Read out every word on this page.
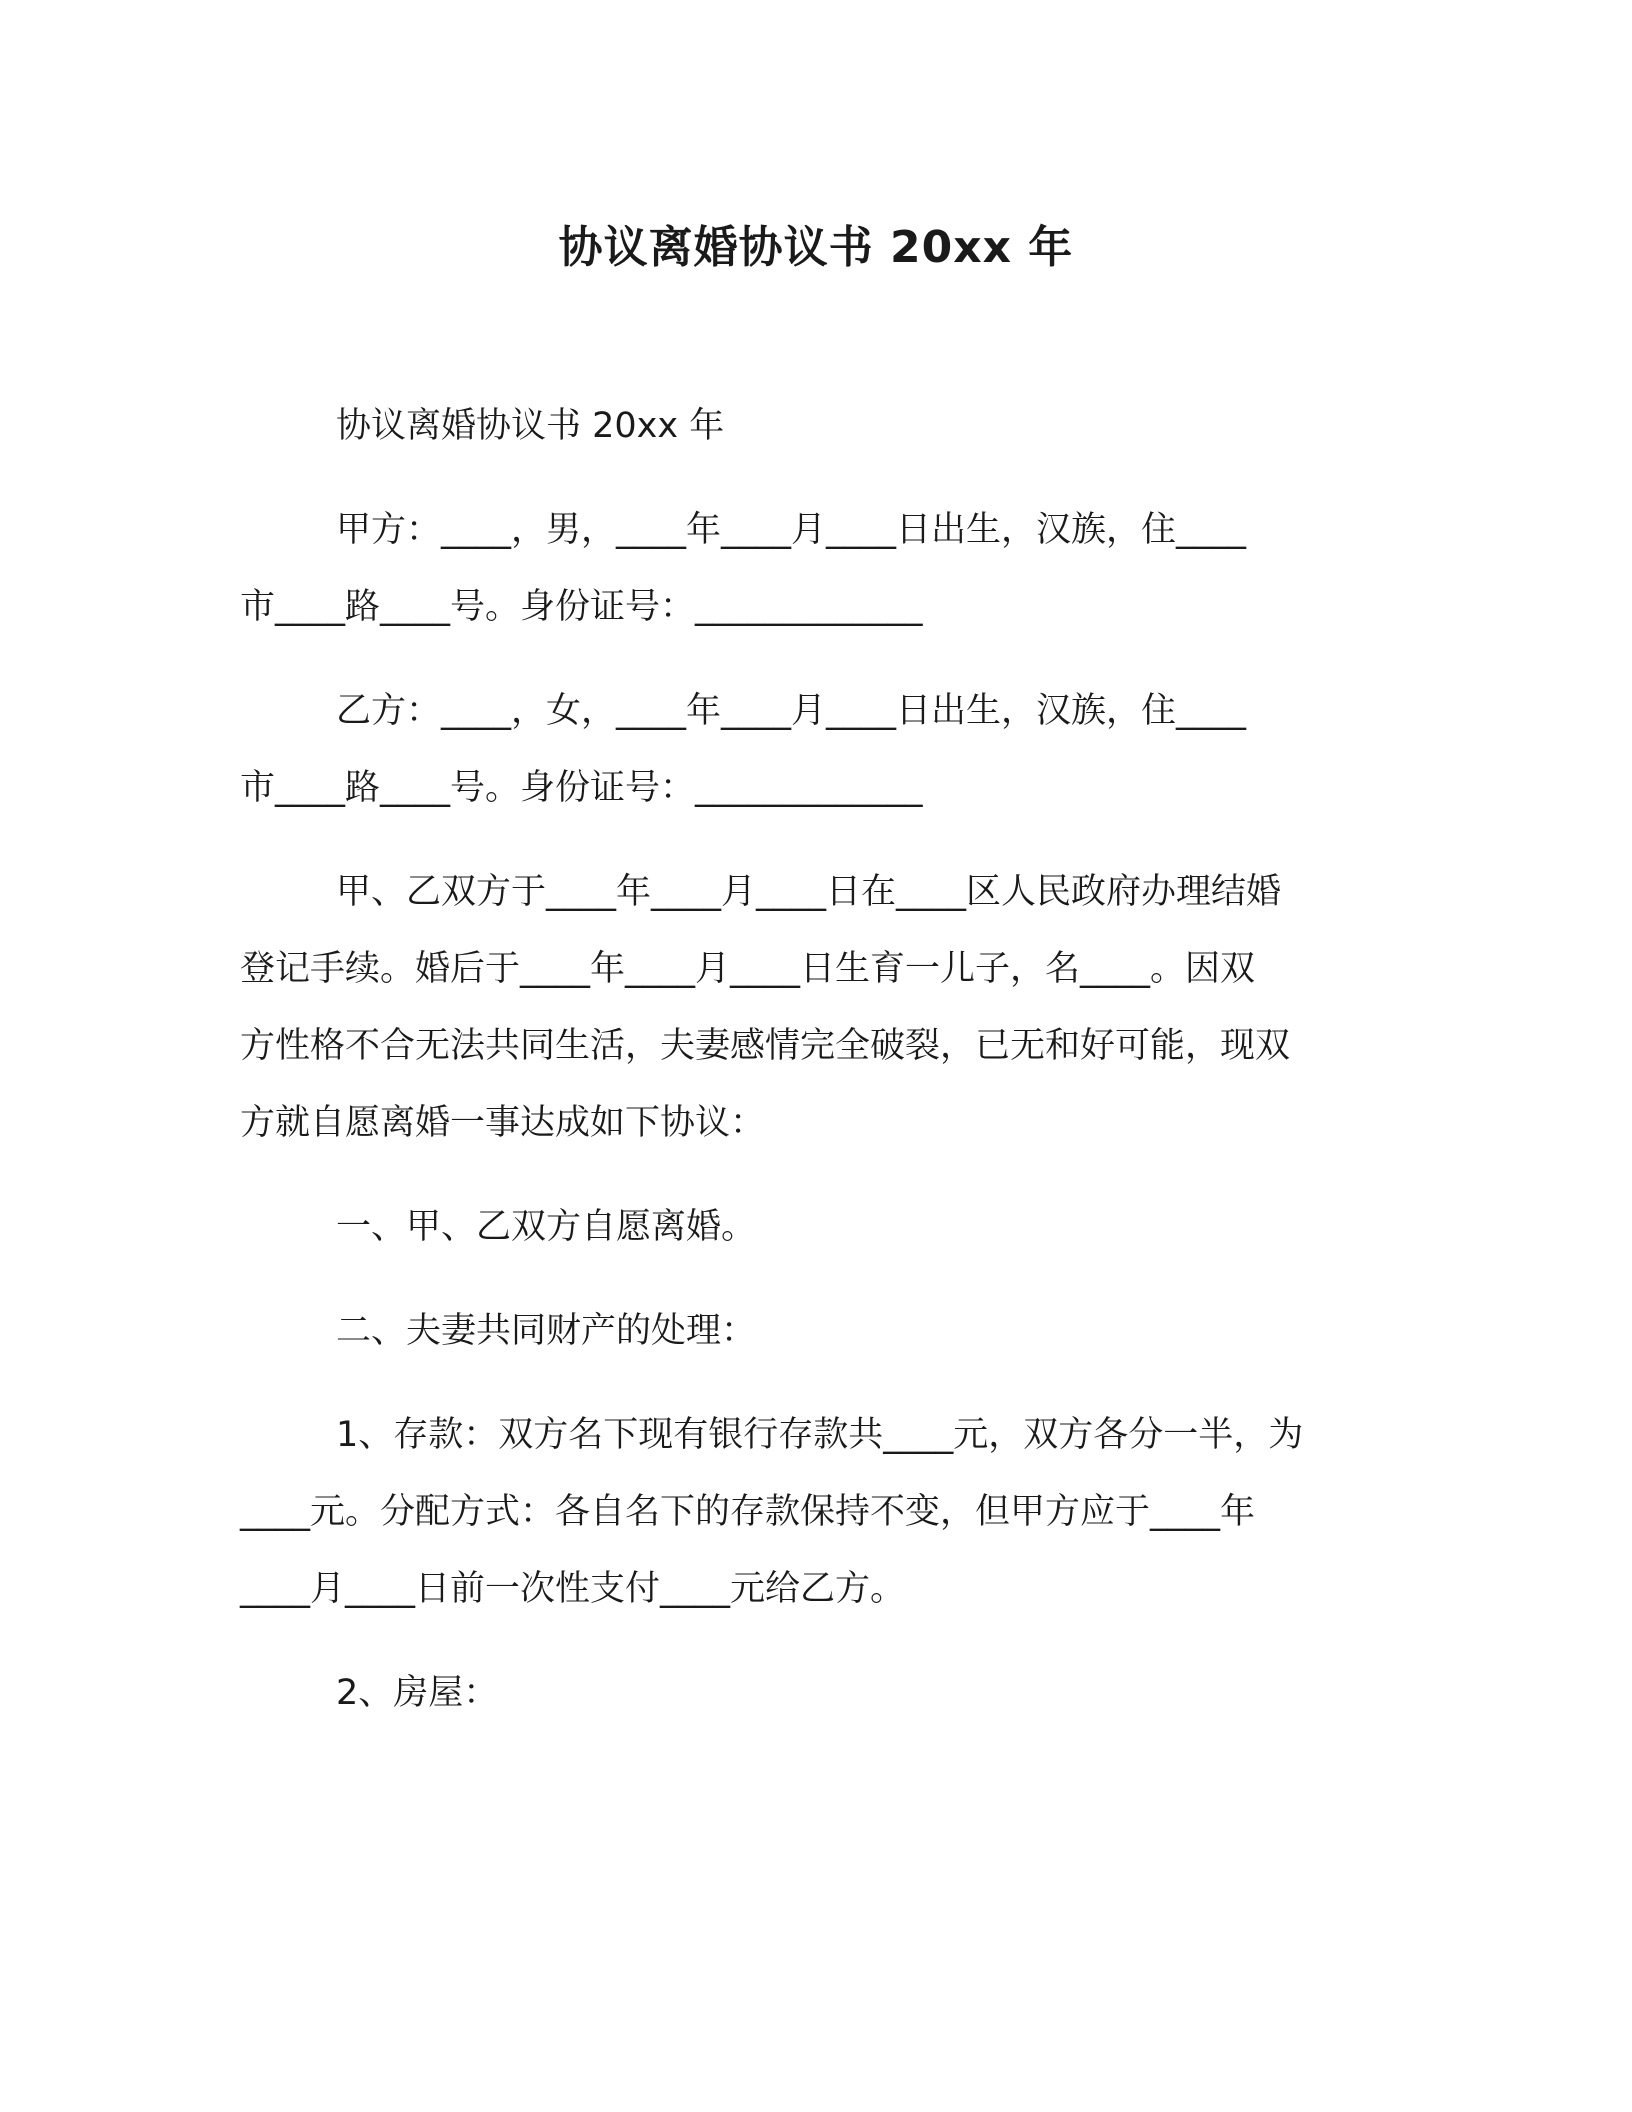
协议离婚协议书 20xx 年
协议离婚协议书 20xx 年
甲方：____，男，____年____月____日出生，汉族，住____
市____路____号。身份证号：_____________
乙方：____，女，____年____月____日出生，汉族，住____
市____路____号。身份证号：_____________
甲、乙双方于____年____月____日在____区人民政府办理结婚
登记手续。婚后于____年____月____日生育一儿子，名____。因双
方性格不合无法共同生活，夫妻感情完全破裂，已无和好可能，现双
方就自愿离婚一事达成如下协议：
一、甲、乙双方自愿离婚。
二、夫妻共同财产的处理：
1、存款：双方名下现有银行存款共____元，双方各分一半，为
____元。分配方式：各自名下的存款保持不变，但甲方应于____年
____月____日前一次性支付____元给乙方。
2、房屋：
